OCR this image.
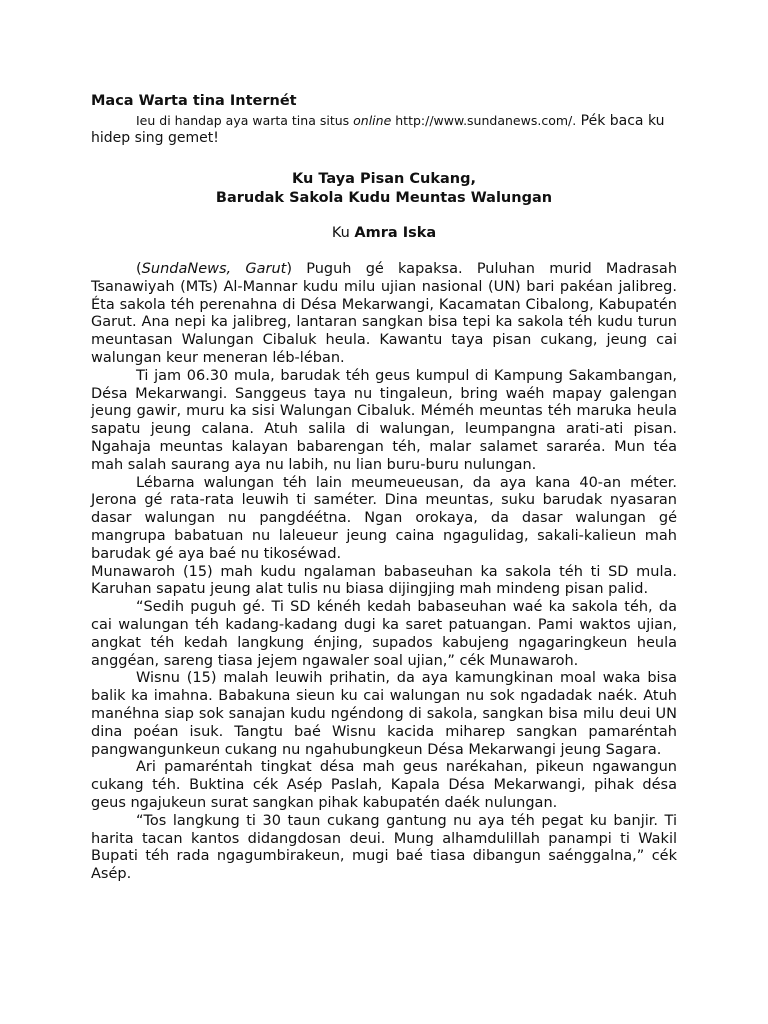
Maca Warta tina Internét

Ieu di handap aya warta tina situs online http://www.sundanews.com/. Pék baca ku hidep sing gemet!

Ku Taya Pisan Cukang,
Barudak Sakola Kudu Meuntas Walungan

Ku Amra Iska

(SundaNews, Garut) Puguh gé kapaksa. Puluhan murid Madrasah Tsanawiyah (MTs) Al-Mannar kudu milu ujian nasional (UN) bari pakéan jalibreg. Éta sakola téh perenahna di Désa Mekarwangi, Kacamatan Cibalong, Kabupatén Garut. Ana nepi ka jalibreg, lantaran sangkan bisa tepi ka sakola téh kudu turun meuntasan Walungan Cibaluk heula. Kawantu taya pisan cukang, jeung cai walungan keur meneran léb-léban.

Ti jam 06.30 mula, barudak téh geus kumpul di Kampung Sakambangan, Désa Mekarwangi. Sanggeus taya nu tingaleun, bring waéh mapay galengan jeung gawir, muru ka sisi Walungan Cibaluk. Méméh meuntas téh maruka heula sapatu jeung calana. Atuh salila di walungan, leumpangna arati-ati pisan. Ngahaja meuntas kalayan babarengan téh, malar salamet sararéa. Mun téa mah salah saurang aya nu labih, nu lian buru-buru nulungan.

Lébarna walungan téh lain meumeueusan, da aya kana 40-an méter. Jerona gé rata-rata leuwih ti saméter. Dina meuntas, suku barudak nyasaran dasar walungan nu pangdéétna. Ngan orokaya, da dasar walungan gé mangrupa babatuan nu laleueur jeung caina ngagulidag, sakali-kalieun mah barudak gé aya baé nu tikoséwad.

Munawaroh (15) mah kudu ngalaman babaseuhan ka sakola téh ti SD mula. Karuhan sapatu jeung alat tulis nu biasa dijingjing mah mindeng pisan palid.

“Sedih puguh gé. Ti SD kénéh kedah babaseuhan waé ka sakola téh, da cai walungan téh kadang-kadang dugi ka saret patuangan. Pami waktos ujian, angkat téh kedah langkung énjing, supados kabujeng ngagaringkeun heula anggéan, sareng tiasa jejem ngawaler soal ujian,” cék Munawaroh.

Wisnu (15) malah leuwih prihatin, da aya kamungkinan moal waka bisa balik ka imahna. Babakuna sieun ku cai walungan nu sok ngadadak naék. Atuh manéhna siap sok sanajan kudu ngéndong di sakola, sangkan bisa milu deui UN dina poéan isuk. Tangtu baé Wisnu kacida miharep sangkan pamaréntah pangwangunkeun cukang nu ngahubungkeun Désa Mekarwangi jeung Sagara.

Ari pamaréntah tingkat désa mah geus narékahan, pikeun ngawangun cukang téh. Buktina cék Asép Paslah, Kapala Désa Mekarwangi, pihak désa geus ngajukeun surat sangkan pihak kabupatén daék nulungan.

“Tos langkung ti 30 taun cukang gantung nu aya téh pegat ku banjir. Ti harita tacan kantos didangdosan deui. Mung alhamdulillah panampi ti Wakil Bupati téh rada ngagumbirakeun, mugi baé tiasa dibangun saénggalna,” cék Asép.
